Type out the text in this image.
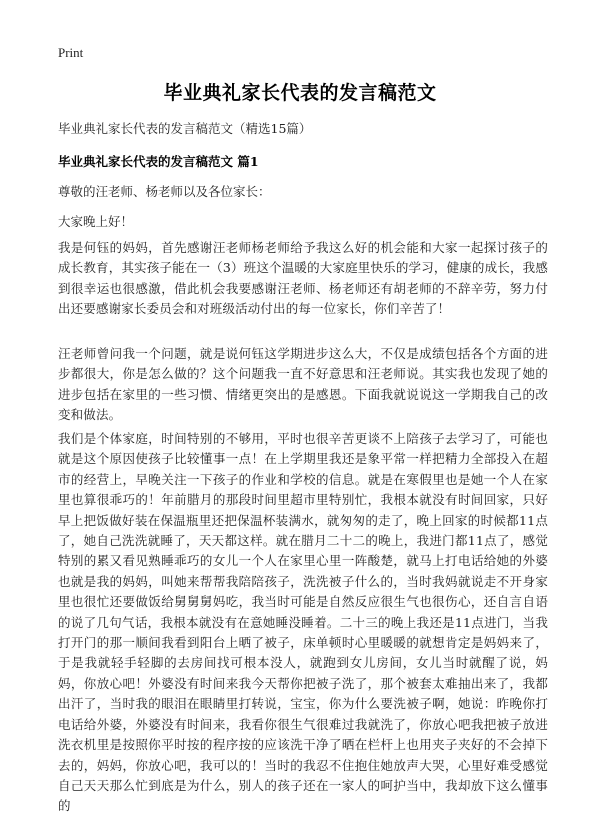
Print
毕业典礼家长代表的发言稿范文
毕业典礼家长代表的发言稿范文（精选15篇）
毕业典礼家长代表的发言稿范文 篇1
尊敬的汪老师、杨老师以及各位家长：
大家晚上好！

我是何钰的妈妈，首先感谢汪老师杨老师给予我这么好的机会能和大家一起探讨孩子的成长教育，其实孩子能在一（3）班这个温暖的大家庭里快乐的学习，健康的成长，我感到很幸运也很感激，借此机会我要感谢汪老师、杨老师还有胡老师的不辞辛劳，努力付出还要感谢家长委员会和对班级活动付出的每一位家长，你们辛苦了！

汪老师曾问我一个问题，就是说何钰这学期进步这么大，不仅是成绩包括各个方面的进步都很大，你是怎么做的？这个问题我一直不好意思和汪老师说。其实我也发现了她的进步包括在家里的一些习惯、情绪更突出的是感恩。下面我就说说这一学期我自己的改变和做法。

我们是个体家庭，时间特别的不够用，平时也很辛苦更谈不上陪孩子去学习了，可能也就是这个原因使孩子比较懂事一点！在上学期里我还是象平常一样把精力全部投入在超市的经营上，早晚关注一下孩子的作业和学校的信息。就是在寒假里也是她一个人在家里也算很乖巧的！年前腊月的那段时间里超市里特别忙，我根本就没有时间回家，只好早上把饭做好装在保温瓶里还把保温杯装满水，就匆匆的走了，晚上回家的时候都11点了，她自己洗洗就睡了，天天都这样。就在腊月二十二的晚上，我进门都11点了，感觉特别的累又看见熟睡乖巧的女儿一个人在家里心里一阵酸楚，就马上打电话给她的外婆也就是我的妈妈，叫她来帮帮我陪陪孩子，洗洗被子什么的，当时我妈就说走不开身家里也很忙还要做饭给舅舅舅妈吃，我当时可能是自然反应很生气也很伤心，还自言自语的说了几句气话，我根本就没有在意她睡没睡着。二十三的晚上我还是11点进门，当我打开门的那一顺间我看到阳台上晒了被子，床单顿时心里暖暖的就想肯定是妈妈来了，于是我就轻手轻脚的去房间找可根本没人，就跑到女儿房间，女儿当时就醒了说，妈妈，你放心吧！外婆没有时间来我今天帮你把被子洗了，那个被套太难抽出来了，我都出汗了，当时我的眼泪在眼睛里打转说，宝宝，你为什么要洗被子啊，她说：昨晚你打电话给外婆，外婆没有时间来，我看你很生气很难过我就洗了，你放心吧我把被子放进洗衣机里是按照你平时按的程序按的应该洗干净了晒在栏杆上也用夹子夹好的不会掉下去的，妈妈，你放心吧，我可以的！当时的我忍不住抱住她放声大哭，心里好难受感觉自己天天那么忙到底是为什么，别人的孩子还在一家人的呵护当中，我却放下这么懂事的
